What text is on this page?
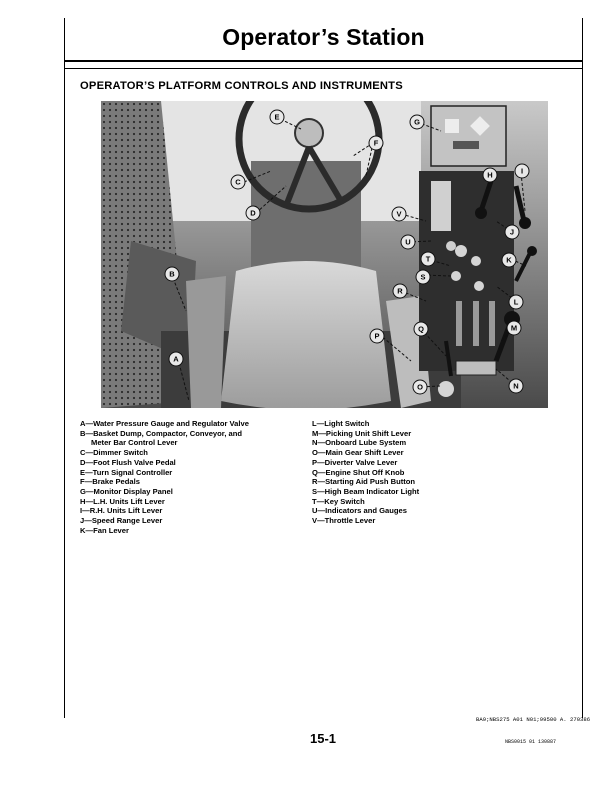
Operator’s Station
OPERATOR’S PLATFORM CONTROLS AND INSTRUMENTS
A
B
C
D
E
F
G
H	I
J
K
L
M
N
O
P
Q
R
S
T
U
V
A—Water Pressure Gauge and Regulator Valve
B—Basket Dump, Compactor, Conveyor, and
Meter Bar Control Lever
C—Dimmer Switch
D—Foot Flush Valve Pedal
E—Turn Signal Controller
F—Brake Pedals
G—Monitor Display Panel
H—L.H. Units Lift Lever
I—R.H. Units Lift Lever
J—Speed Range Lever
K—Fan Lever
L—Light Switch
M—Picking Unit Shift Lever
N—Onboard Lube System
O—Main Gear Shift Lever
P—Diverter Valve Lever
Q—Engine Shut Off Knob
R—Starting Aid Push Button
S—High Beam Indicator Light
T—Key Switch
U—Indicators and Gauges
V—Throttle Lever
BA9;NBS275 A01 N01;99500 A. 270386
15-1	NBS0015 01 130887
